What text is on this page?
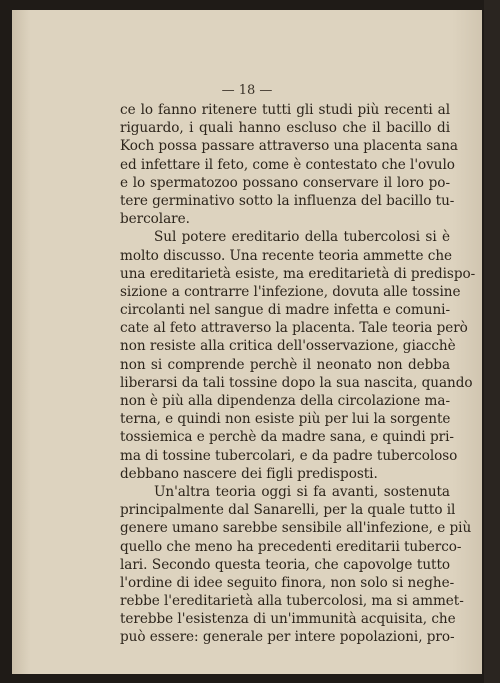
— 18 —
ce lo fanno ritenere tutti gli studi più recenti al
riguardo, i quali hanno escluso che il bacillo di
Koch possa passare attraverso una placenta sana
ed infettare il feto, come è contestato che l'ovulo
e lo spermatozoo possano conservare il loro po-
tere germinativo sotto la influenza del bacillo tu-
bercolare.
Sul potere ereditario della tubercolosi si è
molto discusso. Una recente teoria ammette che
una ereditarietà esiste, ma ereditarietà di predispo-
sizione a contrarre l'infezione, dovuta alle tossine
circolanti nel sangue di madre infetta e comuni-
cate al feto attraverso la placenta. Tale teoria però
non resiste alla critica dell'osservazione, giacchè
non si comprende perchè il neonato non debba
liberarsi da tali tossine dopo la sua nascita, quando
non è più alla dipendenza della circolazione ma-
terna, e quindi non esiste più per lui la sorgente
tossiemica e perchè da madre sana, e quindi pri-
ma di tossine tubercolari, e da padre tubercoloso
debbano nascere dei figli predisposti.
Un'altra teoria oggi si fa avanti, sostenuta
principalmente dal Sanarelli, per la quale tutto il
genere umano sarebbe sensibile all'infezione, e più
quello che meno ha precedenti ereditarii tuberco-
lari. Secondo questa teoria, che capovolge tutto
l'ordine di idee seguito finora, non solo si neghe-
rebbe l'ereditarietà alla tubercolosi, ma si ammet-
terebbe l'esistenza di un'immunità acquisita, che
può essere: generale per intere popolazioni, pro-
